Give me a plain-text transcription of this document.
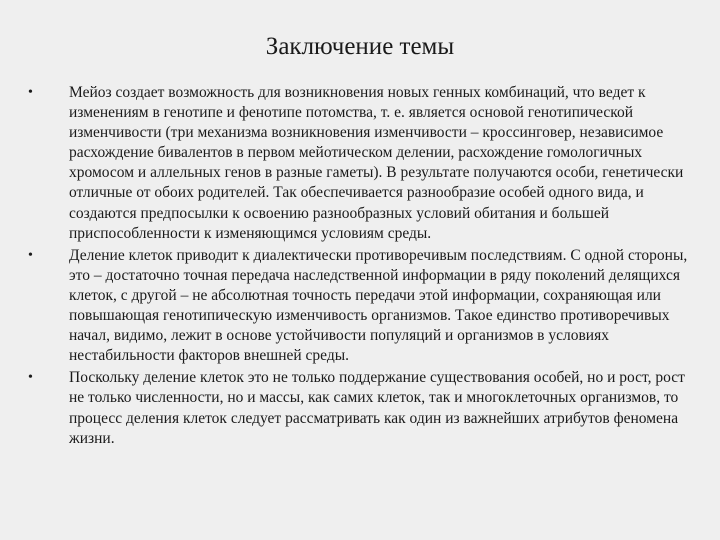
Заключение темы
•	Мейоз создает возможность для возникновения новых генных комбинаций, что ведет к изменениям в генотипе и фенотипе потомства, т. е. является основой генотипической изменчивости (три механизма возникновения изменчивости – кроссинговер, независимое расхождение бивалентов в первом мейотическом делении, расхождение гомологичных хромосом и аллельных генов в разные гаметы). В результате получаются особи, генетически отличные от обоих родителей. Так обеспечивается разнообразие особей одного вида, и создаются предпосылки к освоению разнообразных условий обитания и большей приспособленности к изменяющимся условиям среды.
•	Деление клеток приводит к диалектически противоречивым последствиям. С одной стороны, это – достаточно точная передача наследственной информации в ряду поколений делящихся клеток, с другой – не абсолютная точность передачи этой информации, сохраняющая или повышающая генотипическую изменчивость организмов. Такое единство противоречивых начал, видимо, лежит в основе устойчивости популяций и организмов в условиях нестабильности факторов внешней среды.
•	Поскольку деление клеток это не только поддержание существования особей, но и рост, рост не только численности, но и массы, как самих клеток, так и многоклеточных организмов, то процесс деления клеток следует рассматривать как один из важнейших атрибутов феномена жизни.
